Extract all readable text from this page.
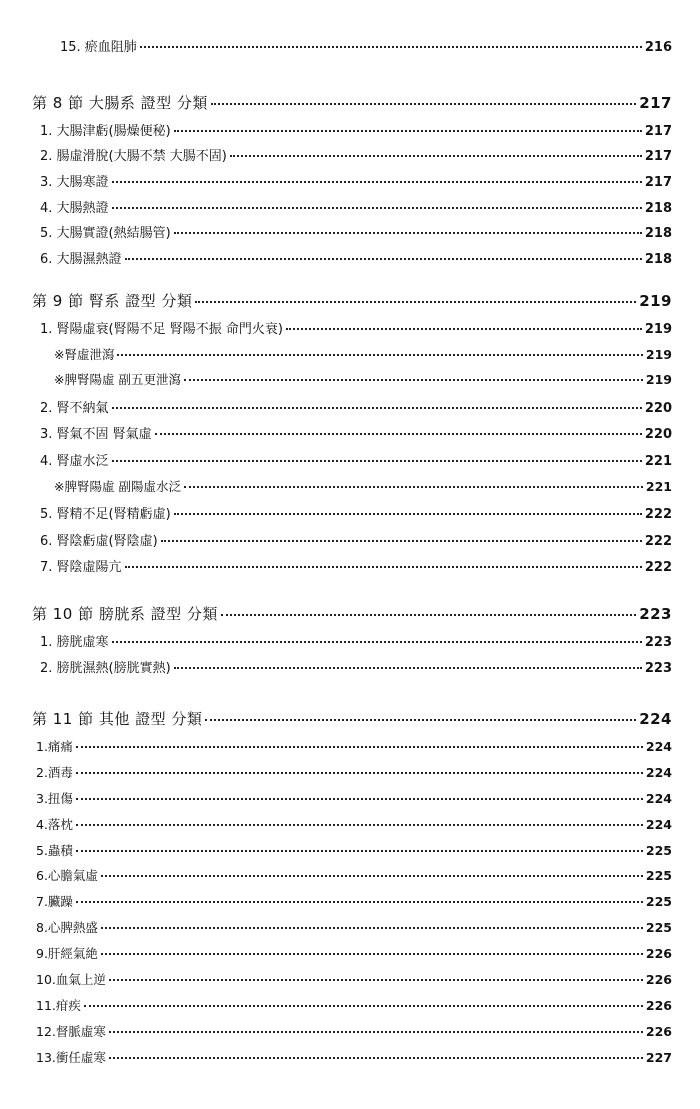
15. 瘀血阻肺	216
第 8 節 大腸系 證型 分類	217
1. 大腸津虧(腸燥便秘)	217
2. 腸虛滑脫(大腸不禁 大腸不固)	217
3. 大腸寒證	217
4. 大腸熱證	218
5. 大腸實證(熱結腸管)	218
6. 大腸濕熱證	218
第 9 節 腎系 證型 分類	219
1. 腎陽虛衰(腎陽不足 腎陽不振 命門火衰)	219
※腎虛泄瀉	219
※脾腎陽虛 副五更泄瀉	219
2. 腎不納氣	220
3. 腎氣不固 腎氣虛	220
4. 腎虛水泛	221
※脾腎陽虛 副陽虛水泛	221
5. 腎精不足(腎精虧虛)	222
6. 腎陰虧虛(腎陰虛)	222
7. 腎陰虛陽亢	222
第 10 節 膀胱系 證型 分類	223
1. 膀胱虛寒	223
2. 膀胱濕熱(膀胱實熱)	223
第 11 節 其他 證型 分類	224
1.痛痛	224
2.酒毒	224
3.扭傷	224
4.落枕	224
5.蟲積	225
6.心膽氣虛	225
7.臟躁	225
8.心脾熱盛	225
9.肝經氣絶	226
10.血氣上逆	226
11.疳疾	226
12.督脈虛寒	226
13.衝任虛寒	227
